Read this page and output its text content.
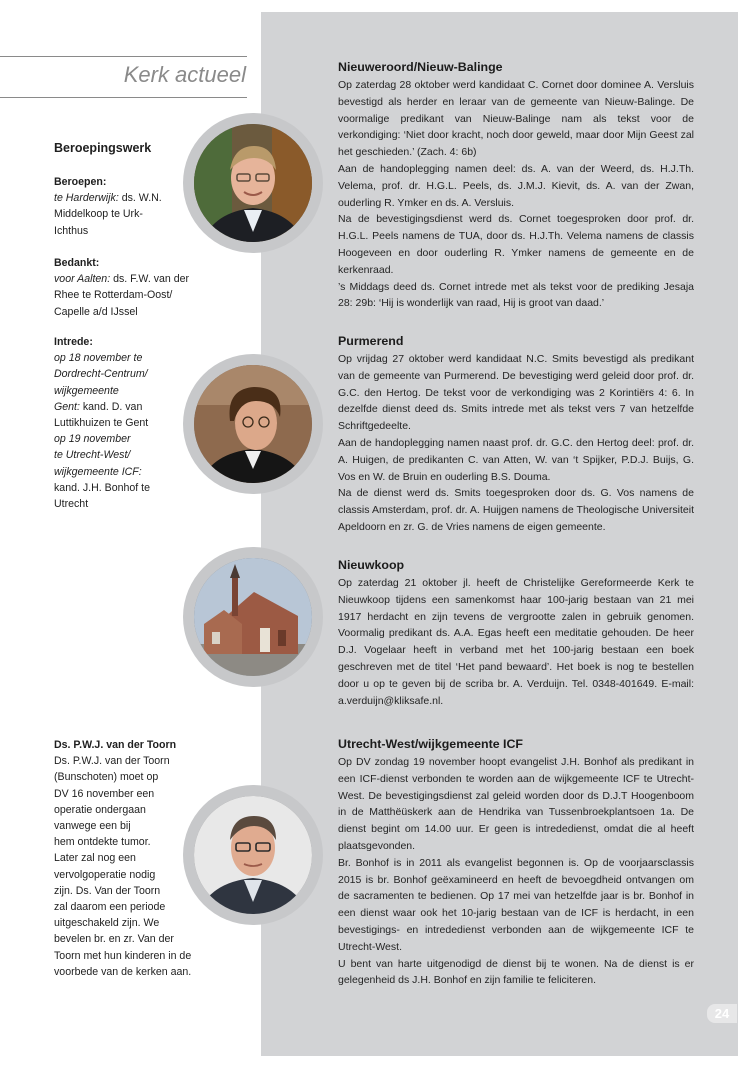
Kerk actueel
Beroepingswerk
Beroepen:
te Harderwijk: ds. W.N.
Middelkoop te Urk-
Ichthus
Bedankt:
voor Aalten: ds. F.W. van der
Rhee te Rotterdam-Oost/
Capelle a/d IJssel
Intrede:
op 18 november te
Dordrecht-Centrum/
wijkgemeente
Gent: kand. D. van
Luttikhuizen te Gent
op 19 november
te Utrecht-West/
wijkgemeente ICF:
kand. J.H. Bonhof te
Utrecht
Ds. P.W.J. van der Toorn
Ds. P.W.J. van der Toorn
(Bunschoten) moet op
DV 16 november een
operatie ondergaan
vanwege een bij
hem ontdekte tumor.
Later zal nog een
vervolgoperatie nodig
zijn. Ds. Van der Toorn
zal daarom een periode
uitgeschakeld zijn. We
bevelen br. en zr. Van der
Toorn met hun kinderen in de
voorbede van de kerken aan.
Nieuweroord/Nieuw-Balinge

Op zaterdag 28 oktober werd kandidaat C. Cornet door dominee A. Versluis bevestigd als herder en leraar van de gemeente van Nieuw-Balinge. De voormalige predikant van Nieuw-Balinge nam als tekst voor de verkondiging: ‘Niet door kracht, noch door geweld, maar door Mijn Geest zal het geschieden.’ (Zach. 4: 6b)

Aan de handoplegging namen deel: ds. A. van der Weerd, ds. H.J.Th. Velema, prof. dr. H.G.L. Peels, ds. J.M.J. Kievit, ds. A. van der Zwan, ouderling R. Ymker en ds. A. Versluis.

Na de bevestigingsdienst werd ds. Cornet toegesproken door prof. dr. H.G.L. Peels namens de TUA, door ds. H.J.Th. Velema namens de classis Hoogeveen en door ouderling R. Ymker namens de gemeente en de kerkenraad.

’s Middags deed ds. Cornet intrede met als tekst voor de prediking Jesaja 28: 29b: ‘Hij is wonderlijk van raad, Hij is groot van daad.’

Purmerend

Op vrijdag 27 oktober werd kandidaat N.C. Smits bevestigd als predikant van de gemeente van Purmerend. De bevestiging werd geleid door prof. dr. G.C. den Hertog. De tekst voor de verkondiging was 2 Korintiërs 4: 6. In dezelfde dienst deed ds. Smits intrede met als tekst vers 7 van hetzelfde Schriftgedeelte.

Aan de handoplegging namen naast prof. dr. G.C. den Hertog deel: prof. dr. A. Huigen, de predikanten C. van Atten, W. van ‘t Spijker, P.D.J. Buijs, G. Vos en W. de Bruin en ouderling B.S. Douma.

Na de dienst werd ds. Smits toegesproken door ds. G. Vos namens de classis Amsterdam, prof. dr. A. Huijgen namens de Theologische Universiteit Apeldoorn en zr. G. de Vries namens de eigen gemeente.

Nieuwkoop

Op zaterdag 21 oktober jl. heeft de Christelijke Gereformeerde Kerk te Nieuwkoop tijdens een samenkomst haar 100-jarig bestaan van 21 mei 1917 herdacht en zijn tevens de vergrootte zalen in gebruik genomen. Voormalig predikant ds. A.A. Egas heeft een meditatie gehouden. De heer D.J. Vogelaar heeft in verband met het 100-jarig bestaan een boek geschreven met de titel ‘Het pand bewaard’. Het boek is nog te bestellen door u op te geven bij de scriba br. A. Verduijn. Tel. 0348-401649. E-mail: a.verduijn@kliksafe.nl.

Utrecht-West/wijkgemeente ICF

Op DV zondag 19 november hoopt evangelist J.H. Bonhof als predikant in een ICF-dienst verbonden te worden aan de wijkgemeente ICF te Utrecht-West. De bevestigingsdienst zal geleid worden door ds D.J.T Hoogenboom in de Matthëüskerk aan de Hendrika van Tussenbroekplantsoen 1a. De dienst begint om 14.00 uur. Er geen is intrededienst, omdat die al heeft plaatsgevonden.

Br. Bonhof is in 2011 als evangelist begonnen is. Op de voorjaarsclassis 2015 is br. Bonhof geëxamineerd en heeft de bevoegdheid ontvangen om de sacramenten te bedienen. Op 17 mei van hetzelfde jaar is br. Bonhof in een dienst waar ook het 10-jarig bestaan van de ICF is herdacht, in een bevestigings- en intrededienst verbonden aan de wijkgemeente ICF te Utrecht-West.

U bent van harte uitgenodigd de dienst bij te wonen. Na de dienst is er gelegenheid ds J.H. Bonhof en zijn familie te feliciteren.

24
